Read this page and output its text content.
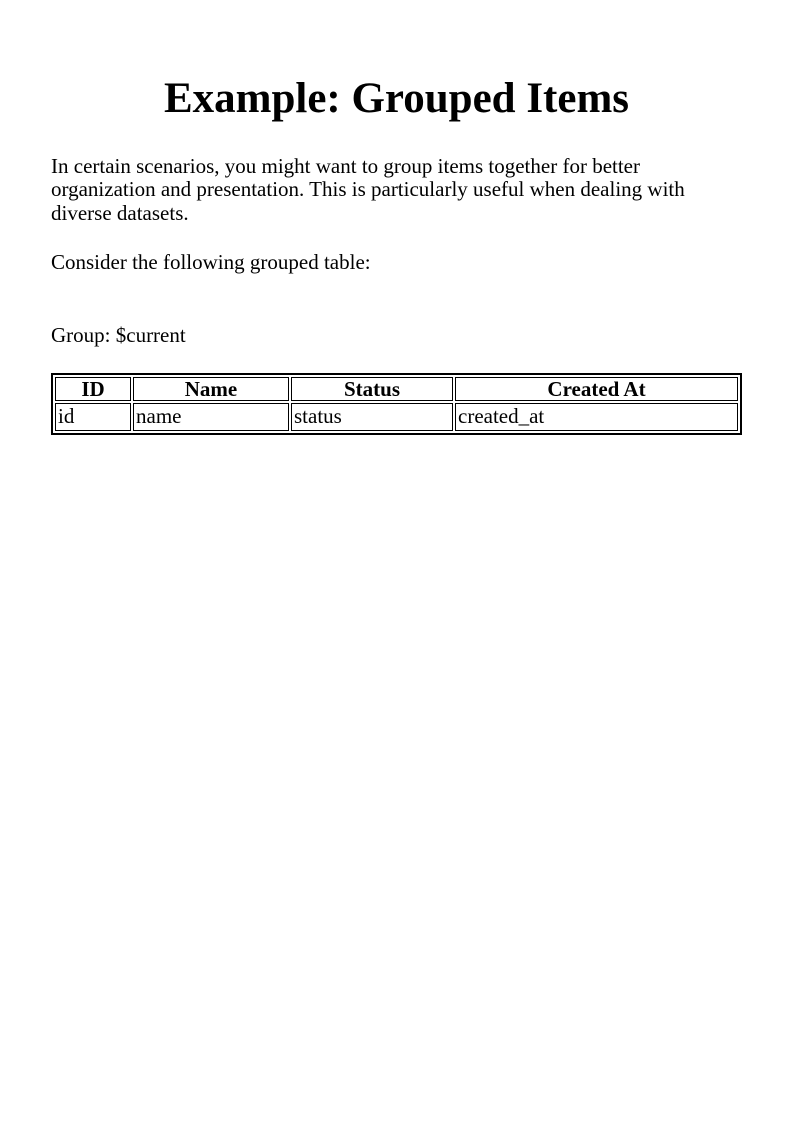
Example: Grouped Items

In certain scenarios, you might want to group items together for better organization and presentation. This is particularly useful when dealing with diverse datasets.

Consider the following grouped table:

Group: $current

ID	Name	Status	Created At
id	name	status	created_at
